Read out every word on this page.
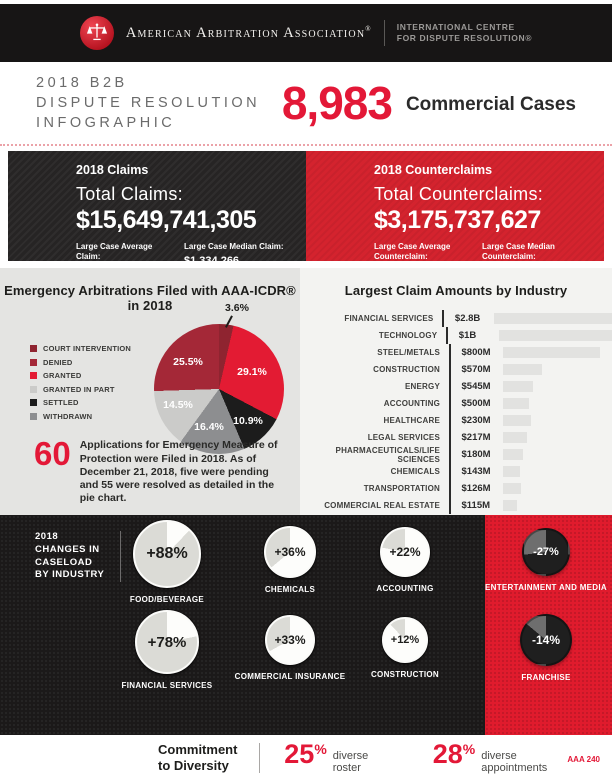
American Arbitration Association®	INTERNATIONAL CENTRE
FOR DISPUTE RESOLUTION®
2018 B2B
DISPUTE RESOLUTION
INFOGRAPHIC	8,983 Commercial Cases
2018 Claims
Total Claims:
$15,649,741,305
Large Case Average Claim:
Large Case Median Claim:
$1,334,266
2018 Counterclaims
Total Counterclaims:
$3,175,737,627
Large Case Average Counterclaim:
Large Case Median Counterclaim:
Emergency Arbitrations Filed with AAA-ICDR® in 2018
COURT INTERVENTION
DENIED
GRANTED
GRANTED IN PART
SETTLED
WITHDRAWN
3.6%
25.5%
29.1%
14.5%
10.9%
16.4%
60 Applications for Emergency Measure of Protection were Filed in 2018. As of December 21, 2018, five were pending and 55 were resolved as detailed in the pie chart.
Largest Claim Amounts by Industry
FINANCIAL SERVICES	$2.8B
TECHNOLOGY	$1B
STEEL/METALS	$800M
CONSTRUCTION	$570M
ENERGY	$545M
ACCOUNTING	$500M
HEALTHCARE	$230M
LEGAL SERVICES	$217M
PHARMACEUTICALS/LIFE SCIENCES	$180M
CHEMICALS	$143M
TRANSPORTATION	$126M
COMMERCIAL REAL ESTATE	$115M
2018
CHANGES IN
CASELOAD
BY INDUSTRY
+88%
FOOD/BEVERAGE
+36%
CHEMICALS
+22%
ACCOUNTING
-27%
ENTERTAINMENT AND MEDIA
+78%
FINANCIAL SERVICES
+33%
COMMERCIAL INSURANCE
+12%
CONSTRUCTION
-14%
FRANCHISE
Commitment
to Diversity	25 % diverse roster	28 % diverse appointments
AAA 240
